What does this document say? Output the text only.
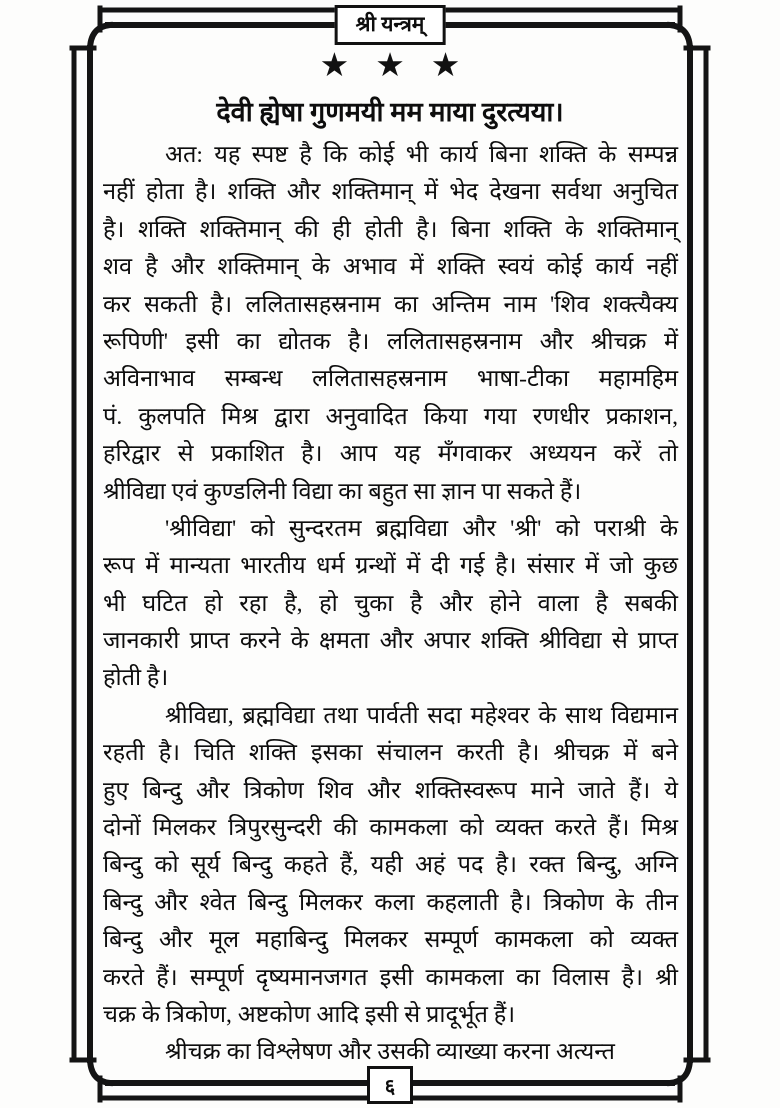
श्री यन्त्रम्
★ ★ ★
देवी ह्येषा गुणमयी मम माया दुरत्यया।
अत: यह स्पष्ट है कि कोई भी कार्य बिना शक्ति के सम्पन्न
नहीं होता है। शक्ति और शक्तिमान् में भेद देखना सर्वथा अनुचित
है। शक्ति शक्तिमान् की ही होती है। बिना शक्ति के शक्तिमान्
शव है और शक्तिमान् के अभाव में शक्ति स्वयं कोई कार्य नहीं
कर सकती है। ललितासहस्रनाम का अन्तिम नाम 'शिव शक्त्यैक्य
रूपिणी' इसी का द्योतक है। ललितासहस्रनाम और श्रीचक्र में
अविनाभाव सम्बन्ध ललितासहस्रनाम भाषा-टीका महामहिम
पं. कुलपति मिश्र द्वारा अनुवादित किया गया रणधीर प्रकाशन,
हरिद्वार से प्रकाशित है। आप यह मँगवाकर अध्ययन करें तो
श्रीविद्या एवं कुण्डलिनी विद्या का बहुत सा ज्ञान पा सकते हैं।
'श्रीविद्या' को सुन्दरतम ब्रह्मविद्या और 'श्री' को पराश्री के
रूप में मान्यता भारतीय धर्म ग्रन्थों में दी गई है। संसार में जो कुछ
भी घटित हो रहा है, हो चुका है और होने वाला है सबकी
जानकारी प्राप्त करने के क्षमता और अपार शक्ति श्रीविद्या से प्राप्त
होती है।
श्रीविद्या, ब्रह्मविद्या तथा पार्वती सदा महेश्वर के साथ विद्यमान
रहती है। चिति शक्ति इसका संचालन करती है। श्रीचक्र में बने
हुए बिन्दु और त्रिकोण शिव और शक्तिस्वरूप माने जाते हैं। ये
दोनों मिलकर त्रिपुरसुन्दरी की कामकला को व्यक्त करते हैं। मिश्र
बिन्दु को सूर्य बिन्दु कहते हैं, यही अहं पद है। रक्त बिन्दु, अग्नि
बिन्दु और श्वेत बिन्दु मिलकर कला कहलाती है। त्रिकोण के तीन
बिन्दु और मूल महाबिन्दु मिलकर सम्पूर्ण कामकला को व्यक्त
करते हैं। सम्पूर्ण दृष्यमानजगत इसी कामकला का विलास है। श्री
चक्र के त्रिकोण, अष्टकोण आदि इसी से प्रादूर्भूत हैं।
श्रीचक्र का विश्लेषण और उसकी व्याख्या करना अत्यन्त
६
